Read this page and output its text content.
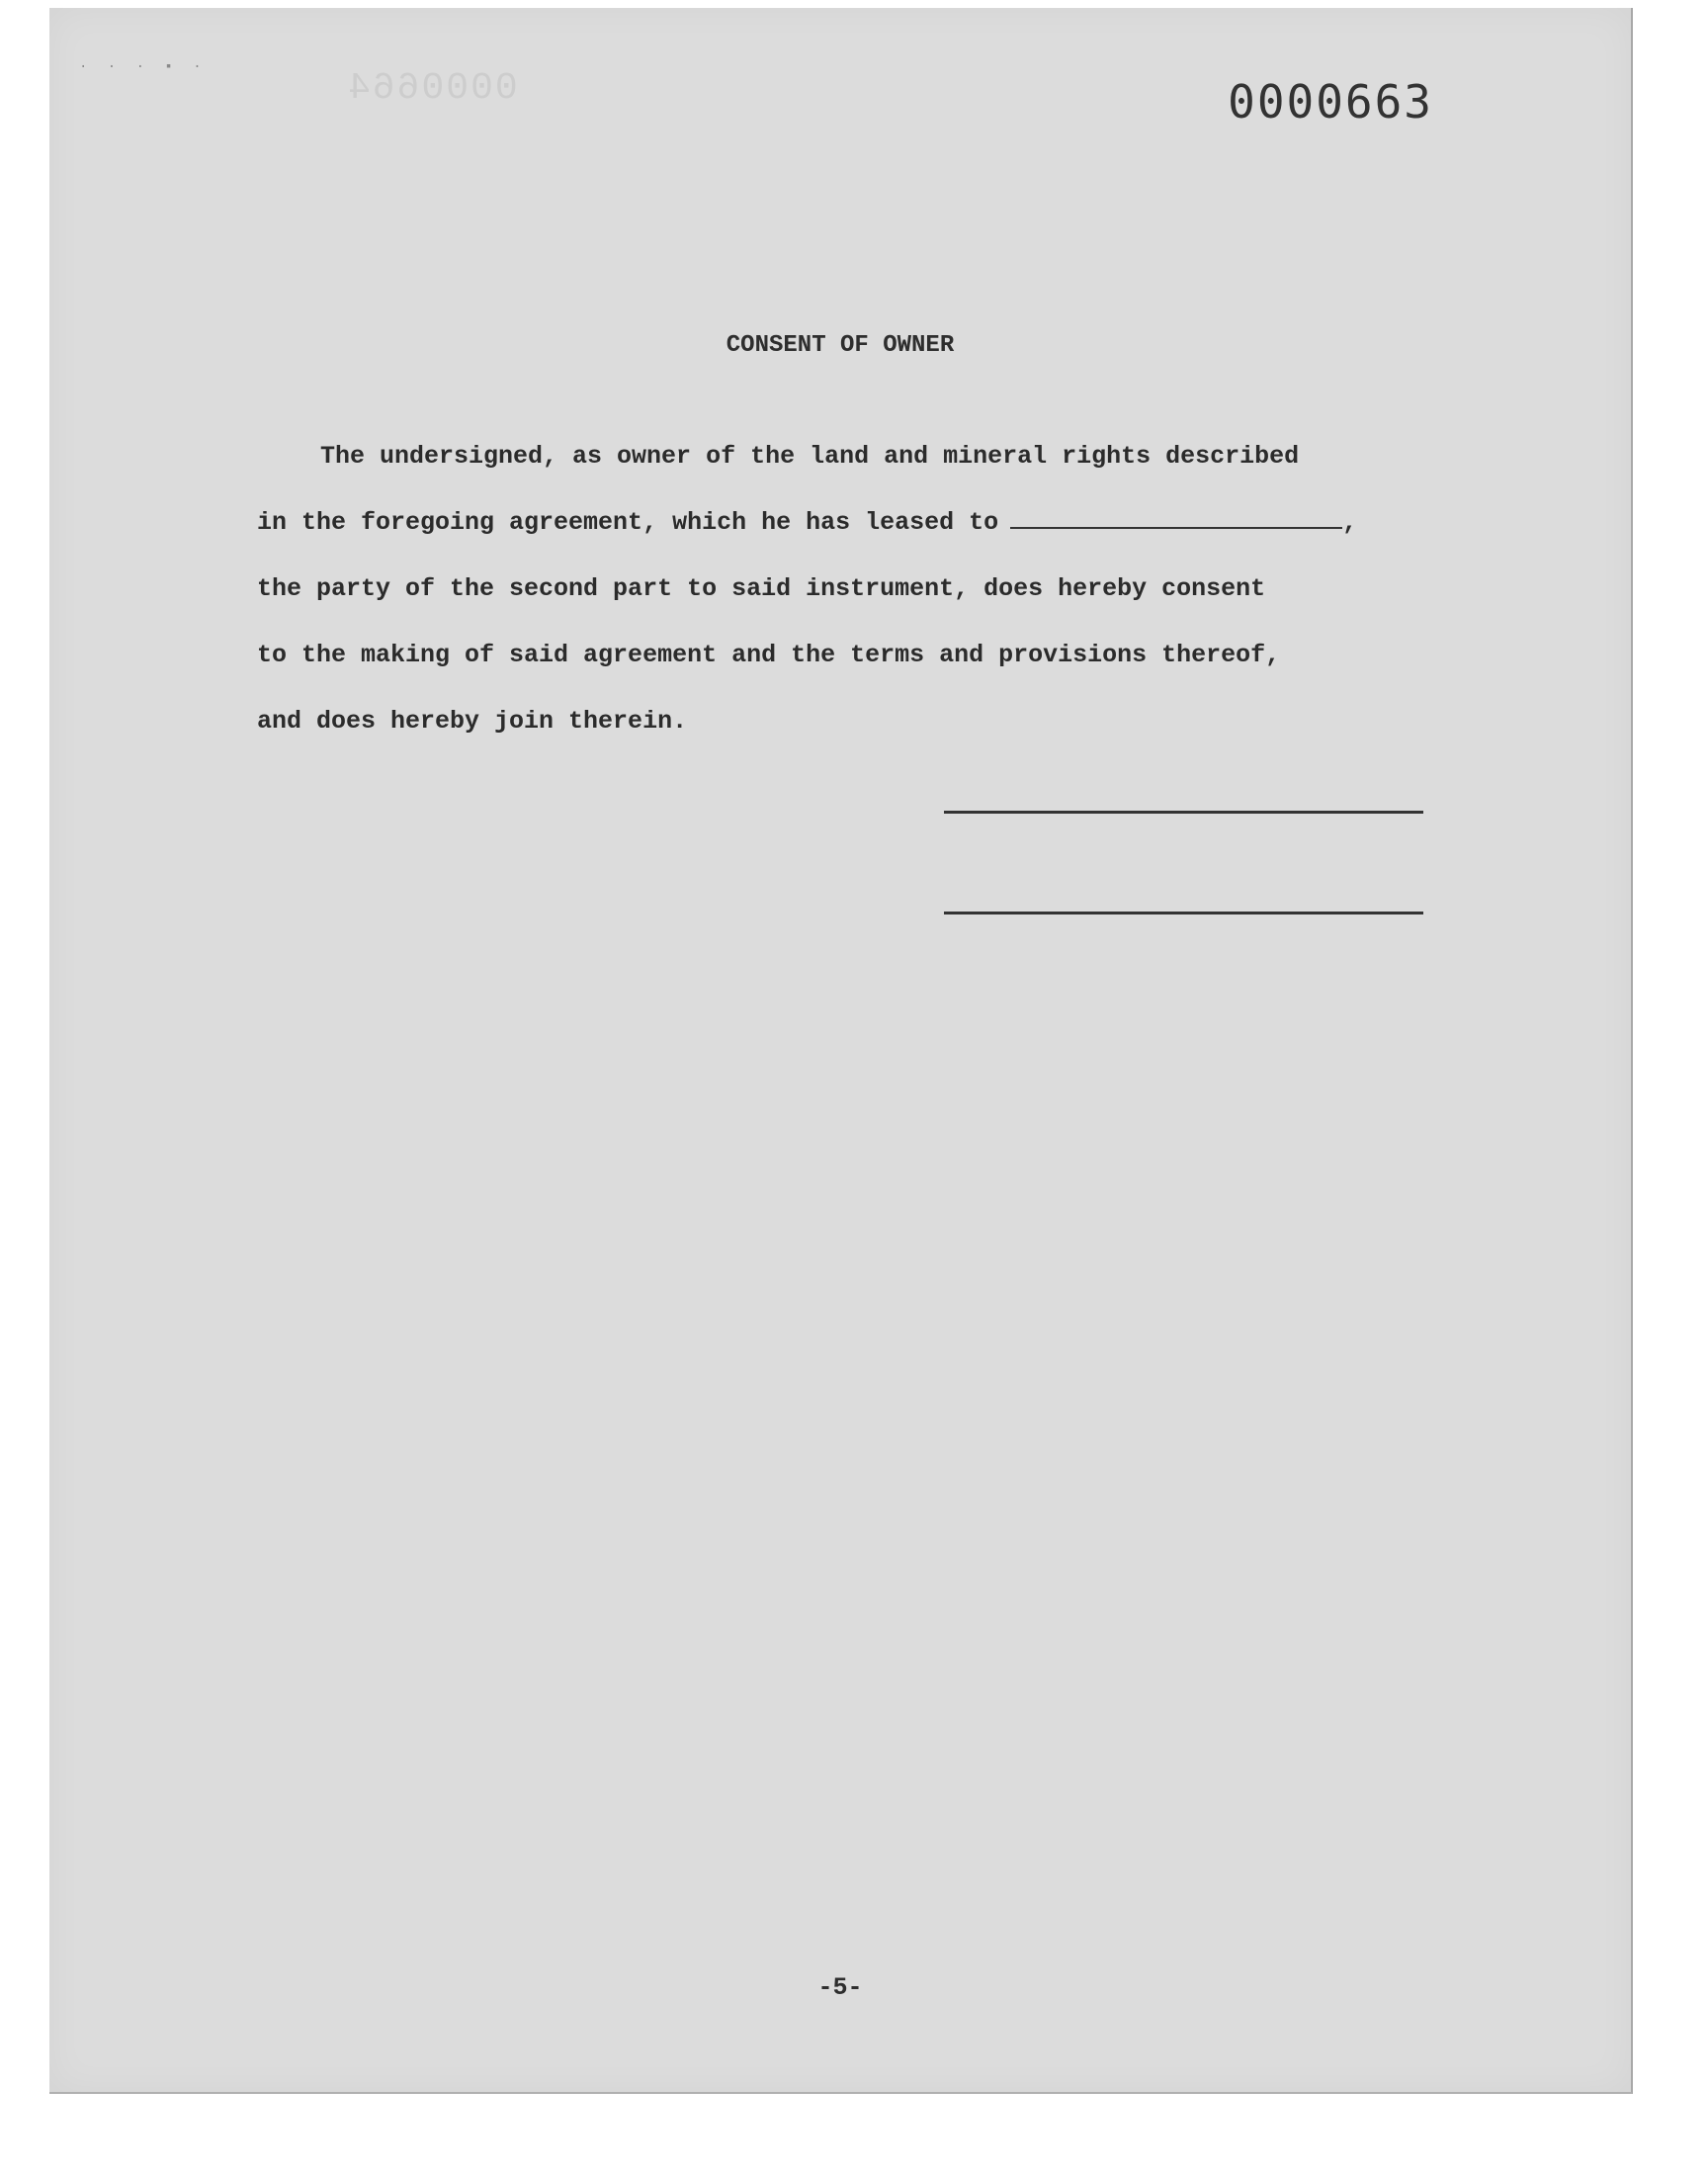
· · · ▪ ·	0000664	0000663
CONSENT OF OWNER
The undersigned, as owner of the land and mineral rights described
in the foregoing agreement, which he has leased to	,
the party of the second part to said instrument, does hereby consent
to the making of said agreement and the terms and provisions thereof,
and does hereby join therein.
-5-
